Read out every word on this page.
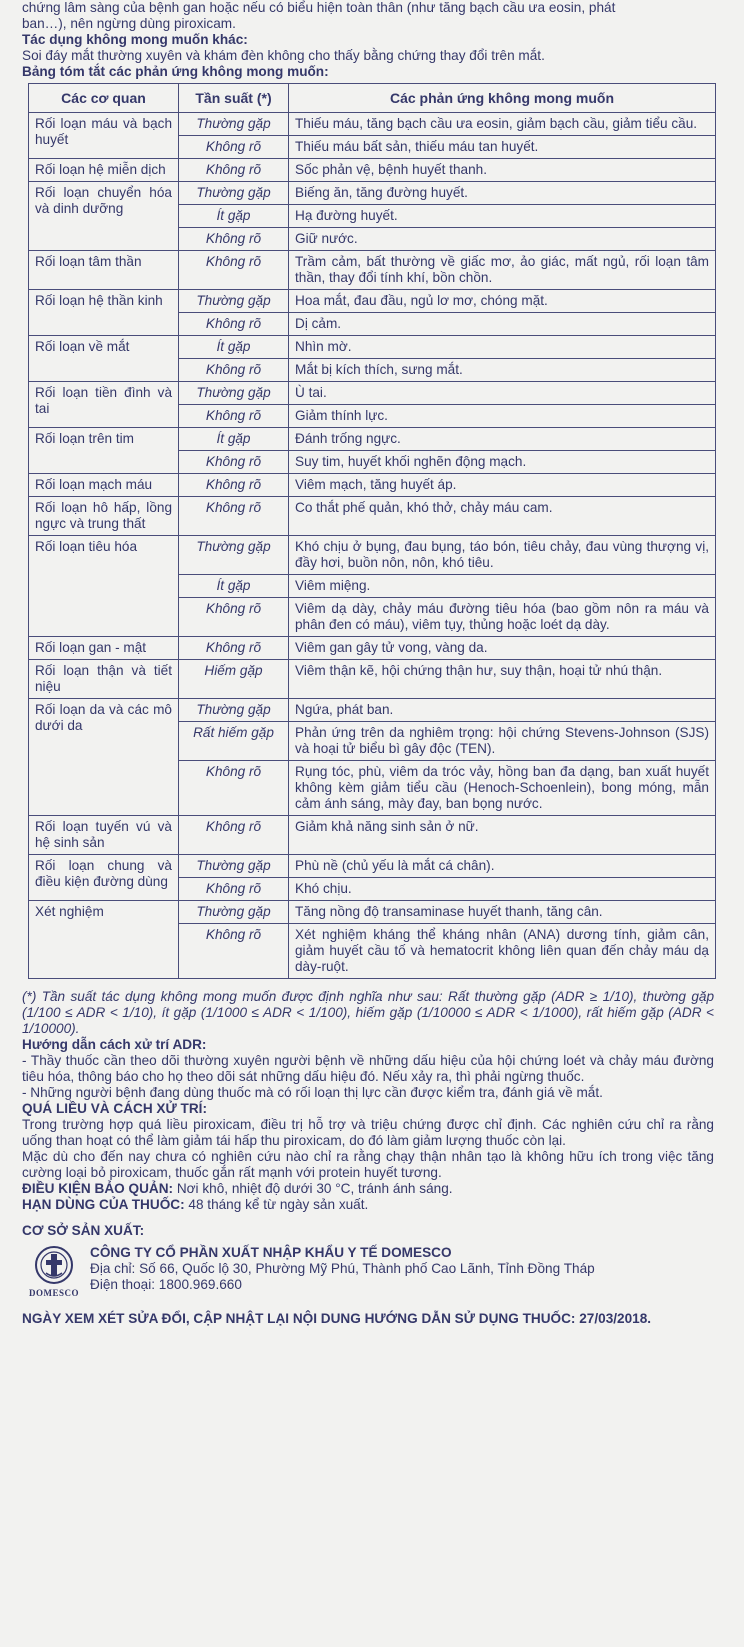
chứng lâm sàng của bệnh gan hoặc nếu có biểu hiện toàn thân (như tăng bạch cầu ưa eosin, phát

ban…), nên ngừng dùng piroxicam.

Tác dụng không mong muốn khác:

Soi đáy mắt thường xuyên và khám đèn không cho thấy bằng chứng thay đổi trên mắt.

Bảng tóm tắt các phản ứng không mong muốn:

Các cơ quan	Tần suất (*)	Các phản ứng không mong muốn
Rối loạn máu và bạch huyết	Thường gặp	Thiếu máu, tăng bạch cầu ưa eosin, giảm bạch cầu, giảm tiểu cầu.
	Không rõ	Thiếu máu bất sản, thiếu máu tan huyết.
Rối loạn hệ miễn dịch	Không rõ	Sốc phản vệ, bệnh huyết thanh.
Rối loạn chuyển hóa và dinh dưỡng	Thường gặp	Biếng ăn, tăng đường huyết.
	Ít gặp	Hạ đường huyết.
	Không rõ	Giữ nước.
Rối loạn tâm thần	Không rõ	Trầm cảm, bất thường về giấc mơ, ảo giác, mất ngủ, rối loạn tâm thần, thay đổi tính khí, bồn chồn.
Rối loạn hệ thần kinh	Thường gặp	Hoa mắt, đau đầu, ngủ lơ mơ, chóng mặt.
	Không rõ	Dị cảm.
Rối loạn về mắt	Ít gặp	Nhìn mờ.
	Không rõ	Mắt bị kích thích, sưng mắt.
Rối loạn tiền đình và tai	Thường gặp	Ù tai.
	Không rõ	Giảm thính lực.
Rối loạn trên tim	Ít gặp	Đánh trống ngực.
	Không rõ	Suy tim, huyết khối nghẽn động mạch.
Rối loạn mạch máu	Không rõ	Viêm mạch, tăng huyết áp.
Rối loạn hô hấp, lồng ngực và trung thất	Không rõ	Co thắt phế quản, khó thở, chảy máu cam.
Rối loạn tiêu hóa	Thường gặp	Khó chịu ở bụng, đau bụng, táo bón, tiêu chảy, đau vùng thượng vị, đầy hơi, buồn nôn, nôn, khó tiêu.
	Ít gặp	Viêm miệng.
	Không rõ	Viêm dạ dày, chảy máu đường tiêu hóa (bao gồm nôn ra máu và phân đen có máu), viêm tụy, thủng hoặc loét dạ dày.
Rối loạn gan - mật	Không rõ	Viêm gan gây tử vong, vàng da.
Rối loạn thận và tiết niệu	Hiếm gặp	Viêm thận kẽ, hội chứng thận hư, suy thận, hoại tử nhú thận.
Rối loạn da và các mô dưới da	Thường gặp	Ngứa, phát ban.
	Rất hiếm gặp	Phản ứng trên da nghiêm trọng: hội chứng Stevens-Johnson (SJS) và hoại tử biểu bì gây độc (TEN).
	Không rõ	Rụng tóc, phù, viêm da tróc vảy, hồng ban đa dạng, ban xuất huyết không kèm giảm tiểu cầu (Henoch-Schoenlein), bong móng, mẫn cảm ánh sáng, mày đay, ban bọng nước.
Rối loạn tuyến vú và hệ sinh sản	Không rõ	Giảm khả năng sinh sản ở nữ.
Rối loạn chung và điều kiện đường dùng	Thường gặp	Phù nề (chủ yếu là mắt cá chân).
	Không rõ	Khó chịu.
Xét nghiệm	Thường gặp	Tăng nồng độ transaminase huyết thanh, tăng cân.
	Không rõ	Xét nghiệm kháng thể kháng nhân (ANA) dương tính, giảm cân, giảm huyết cầu tố và hematocrit không liên quan đến chảy máu dạ dày-ruột.

(*) Tần suất tác dụng không mong muốn được định nghĩa như sau: Rất thường gặp (ADR ≥ 1/10), thường gặp (1/100 ≤ ADR < 1/10), ít gặp (1/1000 ≤ ADR < 1/100), hiếm gặp (1/10000 ≤ ADR < 1/1000), rất hiếm gặp (ADR < 1/10000).

Hướng dẫn cách xử trí ADR:

- Thầy thuốc cần theo dõi thường xuyên người bệnh về những dấu hiệu của hội chứng loét và chảy máu đường tiêu hóa, thông báo cho họ theo dõi sát những dấu hiệu đó. Nếu xảy ra, thì phải ngừng thuốc.

- Những người bệnh đang dùng thuốc mà có rối loạn thị lực cần được kiểm tra, đánh giá về mắt.

QUÁ LIỀU VÀ CÁCH XỬ TRÍ:

Trong trường hợp quá liều piroxicam, điều trị hỗ trợ và triệu chứng được chỉ định. Các nghiên cứu chỉ ra rằng uống than hoạt có thể làm giảm tái hấp thu piroxicam, do đó làm giảm lượng thuốc còn lại.

Mặc dù cho đến nay chưa có nghiên cứu nào chỉ ra rằng chạy thận nhân tạo là không hữu ích trong việc tăng cường loại bỏ piroxicam, thuốc gắn rất mạnh với protein huyết tương.

ĐIỀU KIỆN BẢO QUẢN: Nơi khô, nhiệt độ dưới 30 °C, tránh ánh sáng.

HẠN DÙNG CỦA THUỐC: 48 tháng kể từ ngày sản xuất.

CƠ SỞ SẢN XUẤT:

DOMESCO

CÔNG TY CỔ PHẦN XUẤT NHẬP KHẨU Y TẾ DOMESCO

Địa chỉ: Số 66, Quốc lộ 30, Phường Mỹ Phú, Thành phố Cao Lãnh, Tỉnh Đồng Tháp

Điện thoại: 1800.969.660

NGÀY XEM XÉT SỬA ĐỔI, CẬP NHẬT LẠI NỘI DUNG HƯỚNG DẪN SỬ DỤNG THUỐC: 27/03/2018.
